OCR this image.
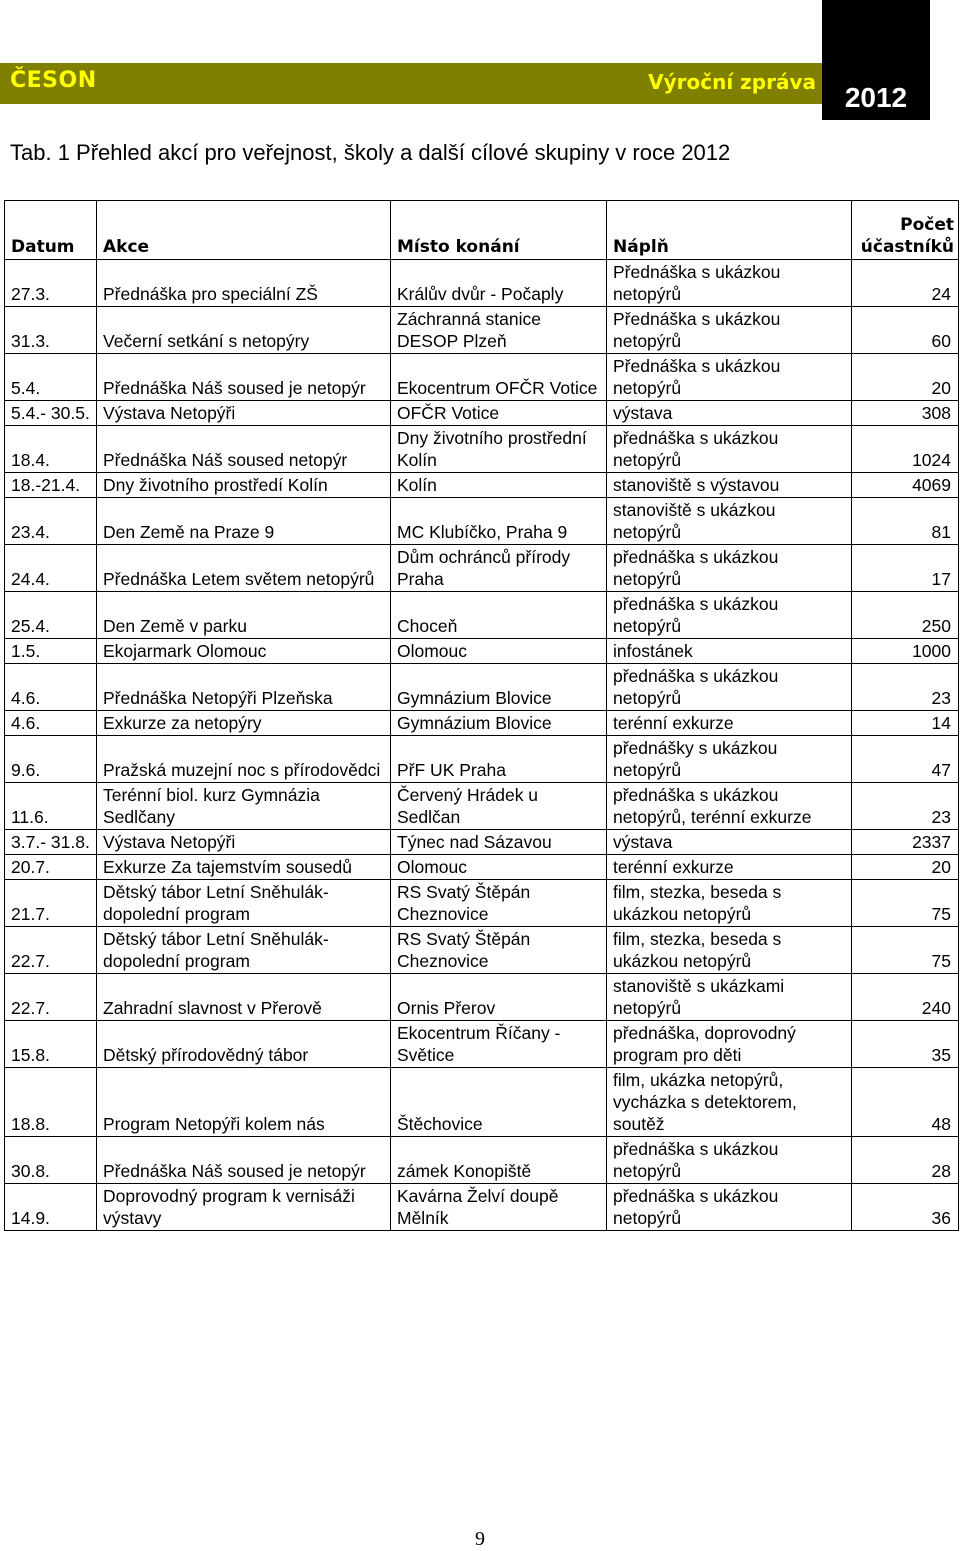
ČESON	Výroční zpráva	2012
Tab. 1 Přehled akcí pro veřejnost, školy a další cílové skupiny v roce 2012
Datum	Akce	Místo konání	Náplň	Počet účastníků
27.3.	Přednáška pro speciální ZŠ	Králův dvůr - Počaply	Přednáška s ukázkou netopýrů	24
31.3.	Večerní setkání s netopýry	Záchranná stanice DESOP Plzeň	Přednáška s ukázkou netopýrů	60
5.4.	Přednáška Náš soused je netopýr	Ekocentrum OFČR Votice	Přednáška s ukázkou netopýrů	20
5.4.- 30.5.	Výstava Netopýři	OFČR Votice	výstava	308
18.4.	Přednáška Náš soused netopýr	Dny životního prostřední Kolín	přednáška s ukázkou netopýrů	1024
18.-21.4.	Dny životního prostředí Kolín	Kolín	stanoviště s výstavou	4069
23.4.	Den Země na Praze 9	MC Klubíčko, Praha 9	stanoviště s ukázkou netopýrů	81
24.4.	Přednáška Letem světem netopýrů	Dům ochránců přírody Praha	přednáška s ukázkou netopýrů	17
25.4.	Den Země v parku	Choceň	přednáška s ukázkou netopýrů	250
1.5.	Ekojarmark Olomouc	Olomouc	infostánek	1000
4.6.	Přednáška Netopýři Plzeňska	Gymnázium Blovice	přednáška s ukázkou netopýrů	23
4.6.	Exkurze za netopýry	Gymnázium Blovice	terénní exkurze	14
9.6.	Pražská muzejní noc s přírodovědci	PřF UK Praha	přednášky s ukázkou netopýrů	47
11.6.	Terénní biol. kurz Gymnázia Sedlčany	Červený Hrádek u Sedlčan	přednáška s ukázkou netopýrů, terénní exkurze	23
3.7.- 31.8.	Výstava Netopýři	Týnec nad Sázavou	výstava	2337
20.7.	Exkurze Za tajemstvím sousedů	Olomouc	terénní exkurze	20
21.7.	Dětský tábor Letní Sněhulák- dopolední program	RS Svatý Štěpán Cheznovice	film, stezka, beseda s ukázkou netopýrů	75
22.7.	Dětský tábor Letní Sněhulák- dopolední program	RS Svatý Štěpán Cheznovice	film, stezka, beseda s ukázkou netopýrů	75
22.7.	Zahradní slavnost v Přerově	Ornis Přerov	stanoviště s ukázkami netopýrů	240
15.8.	Dětský přírodovědný tábor	Ekocentrum Říčany - Světice	přednáška, doprovodný program pro děti	35
18.8.	Program Netopýři kolem nás	Štěchovice	film, ukázka netopýrů, vycházka s detektorem, soutěž	48
30.8.	Přednáška Náš soused je netopýr	zámek Konopiště	přednáška s ukázkou netopýrů	28
14.9.	Doprovodný program k vernisáži výstavy	Kavárna Želví doupě Mělník	přednáška s ukázkou netopýrů	36
9
